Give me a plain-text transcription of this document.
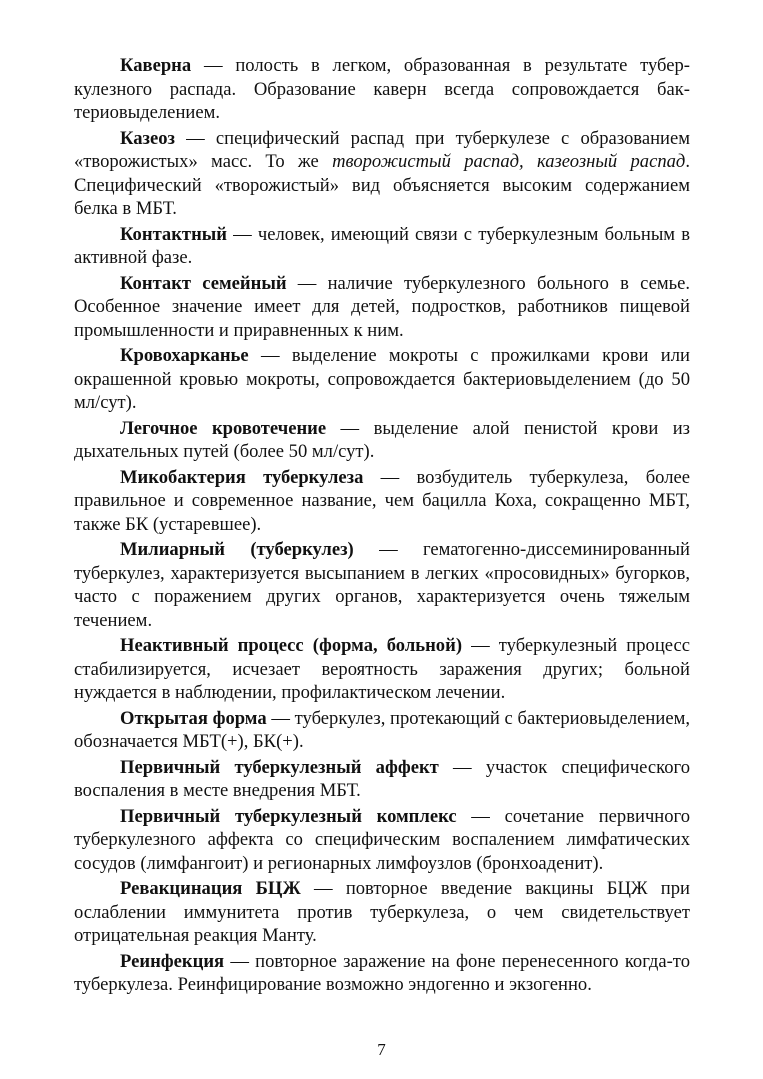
Каверна — полость в легком, образованная в результате туберкулезного распада. Образование каверн всегда сопровождается бактериовыделением.

Казеоз — специфический распад при туберкулезе с образованием «творожистых» масс. То же творожистый распад, казеозный распад. Специфический «творожистый» вид объясняется высоким содержанием белка в МБТ.

Контактный — человек, имеющий связи с туберкулезным больным в активной фазе.

Контакт семейный — наличие туберкулезного больного в семье. Особенное значение имеет для детей, подростков, работников пищевой промышленности и приравненных к ним.

Кровохарканье — выделение мокроты с прожилками крови или окрашенной кровью мокроты, сопровождается бактериовыделением (до 50 мл/сут).

Легочное кровотечение — выделение алой пенистой крови из дыхательных путей (более 50 мл/сут).

Микобактерия туберкулеза — возбудитель туберкулеза, более правильное и современное название, чем бацилла Коха, сокращенно МБТ, также БК (устаревшее).

Милиарный (туберкулез) — гематогенно-диссеминированный туберкулез, характеризуется высыпанием в легких «просовидных» бугорков, часто с поражением других органов, характеризуется очень тяжелым течением.

Неактивный процесс (форма, больной) — туберкулезный процесс стабилизируется, исчезает вероятность заражения других; больной нуждается в наблюдении, профилактическом лечении.

Открытая форма — туберкулез, протекающий с бактериовыделением, обозначается МБТ(+), БК(+).

Первичный туберкулезный аффект — участок специфического воспаления в месте внедрения МБТ.

Первичный туберкулезный комплекс — сочетание первичного туберкулезного аффекта со специфическим воспалением лимфатических сосудов (лимфангоит) и регионарных лимфоузлов (бронхоаденит).

Ревакцинация БЦЖ — повторное введение вакцины БЦЖ при ослаблении иммунитета против туберкулеза, о чем свидетельствует отрицательная реакция Манту.

Реинфекция — повторное заражение на фоне перенесенного когда-то туберкулеза. Реинфицирование возможно эндогенно и экзогенно.

7
